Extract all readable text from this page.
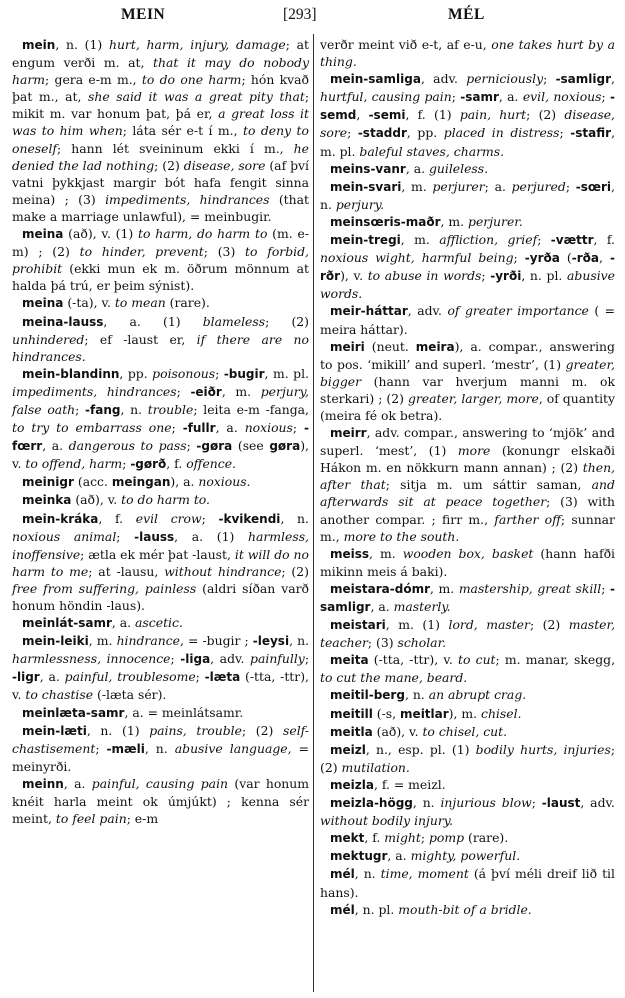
MEIN	[293]	MÉL

mein, n. (1) hurt, harm, injury, damage; at engum verði m. at, that it may do nobody harm; gera e-m m., to do one harm; hón kvað þat m., at, she said it was a great pity that; mikit m. var honum þat, þá er, a great loss it was to him when; láta sér e-t í m., to deny to oneself; hann lét sveininum ekki í m., he denied the lad nothing; (2) disease, sore (af því vatni þykkjast margir bót hafa fengit sinna meina) ; (3) impediments, hindrances (that make a marriage unlawful), = meinbugir.

meina (að), v. (1) to harm, do harm to (m. e-m) ; (2) to hinder, prevent; (3) to forbid, prohibit (ekki mun ek m. öðrum mönnum at halda þá trú, er þeim sýnist).

meina (-ta), v. to mean (rare).

meina-lauss, a. (1) blameless; (2) unhindered; ef -laust er, if there are no hindrances.

mein-blandinn, pp. poisonous; -bugir, m. pl. impediments, hindrances; -eiðr, m. perjury, false oath; -fang, n. trouble; leita e-m -fanga, to try to embarrass one; -fullr, a. noxious; -fœrr, a. dangerous to pass; -gøra (see gøra), v. to offend, harm; -gørð, f. offence.

meinigr (acc. meingan), a. noxious.

meinka (að), v. to do harm to.

mein-kráka, f. evil crow; -kvikendi, n. noxious animal; -lauss, a. (1) harmless, inoffensive; ætla ek mér þat -laust, it will do no harm to me; at -lausu, without hindrance; (2) free from suffering, painless (aldri síðan varð honum höndin -laus).

meinlát-samr, a. ascetic.

mein-leiki, m. hindrance, = -bugir ; -leysi, n. harmlessness, innocence; -liga, adv. painfully; -ligr, a. painful, troublesome; -læta (-tta, -ttr), v. to chastise (-læta sér).

meinlæta-samr, a. = meinlátsamr.

mein-læti, n. (1) pains, trouble; (2) self-chastisement; -mæli, n. abusive language, = meinyrði.

meinn, a. painful, causing pain (var honum knéit harla meint ok úmjúkt) ; kenna sér meint, to feel pain; e-m

verðr meint við e-t, af e-u, one takes hurt by a thing.

mein-samliga, adv. perniciously; -samligr, hurtful, causing pain; -samr, a. evil, noxious; -semd, -semi, f. (1) pain, hurt; (2) disease, sore; -staddr, pp. placed in distress; -stafir, m. pl. baleful staves, charms.

meins-vanr, a. guileless.

mein-svari, m. perjurer; a. perjured; -sœri, n. perjury.

meinsœris-maðr, m. perjurer.

mein-tregi, m. affliction, grief; -vættr, f. noxious wight, harmful being; -yrða (-rða, -rðr), v. to abuse in words; -yrði, n. pl. abusive words.

meir-háttar, adv. of greater importance ( = meira háttar).

meiri (neut. meira), a. compar., answering to pos. ‘mikill’ and superl. ‘mestr’, (1) greater, bigger (hann var hverjum manni m. ok sterkari) ; (2) greater, larger, more, of quantity (meira fé ok betra).

meirr, adv. compar., answering to ‘mjök’ and superl. ‘mest’, (1) more (konungr elskaði Hákon m. en nökkurn mann annan) ; (2) then, after that; sitja m. um sáttir saman, and afterwards sit at peace together; (3) with another compar. ; firr m., farther off; sunnar m., more to the south.

meiss, m. wooden box, basket (hann hafði mikinn meis á baki).

meistara-dómr, m. mastership, great skill; -samligr, a. masterly.

meistari, m. (1) lord, master; (2) master, teacher; (3) scholar.

meita (-tta, -ttr), v. to cut; m. manar, skegg, to cut the mane, beard.

meitil-berg, n. an abrupt crag.

meitill (-s, meitlar), m. chisel.

meitla (að), v. to chisel, cut.

meizl, n., esp. pl. (1) bodily hurts, injuries; (2) mutilation.

meizla, f. = meizl.

meizla-högg, n. injurious blow; -laust, adv. without bodily injury.

mekt, f. might; pomp (rare).

mektugr, a. mighty, powerful.

mél, n. time, moment (á því méli dreif lið til hans).

mél, n. pl. mouth-bit of a bridle.
